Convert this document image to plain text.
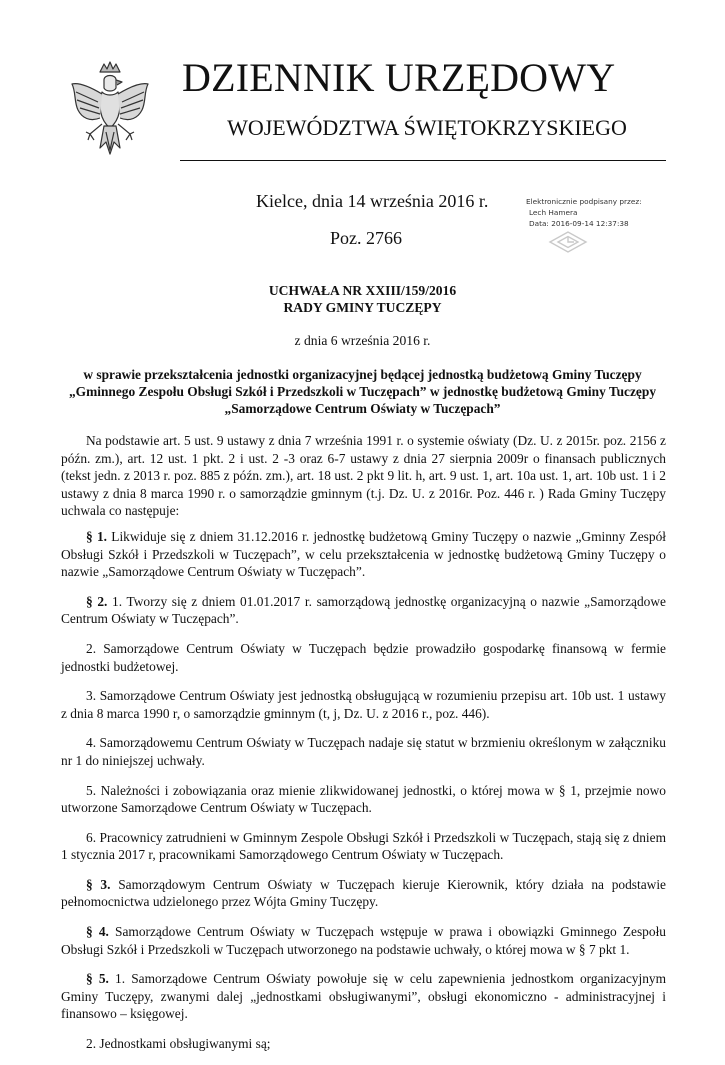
DZIENNIK URZĘDOWY
WOJEWÓDZTWA ŚWIĘTOKRZYSKIEGO
Kielce, dnia 14 września 2016 r.
Poz. 2766
Elektronicznie podpisany przez:
Lech Hamera
Data: 2016-09-14 12:37:38
UCHWAŁA NR XXIII/159/2016
RADY GMINY TUCZĘPY
z dnia 6 września 2016 r.
w sprawie przekształcenia jednostki organizacyjnej będącej jednostką budżetową Gminy Tuczępy
„Gminnego Zespołu Obsługi Szkół i Przedszkoli w Tuczępach” w jednostkę budżetową Gminy Tuczępy
„Samorządowe Centrum Oświaty w Tuczępach”

Na podstawie art. 5 ust. 9 ustawy z dnia 7 września 1991 r. o systemie oświaty (Dz. U. z 2015r. poz. 2156 z późn. zm.), art. 12 ust. 1 pkt. 2 i ust. 2 -3 oraz 6-7 ustawy z dnia 27 sierpnia 2009r o finansach publicznych (tekst jedn. z 2013 r. poz. 885 z późn. zm.), art. 18 ust. 2 pkt 9 lit. h, art. 9 ust. 1, art. 10a ust. 1, art. 10b ust. 1 i 2 ustawy z dnia 8 marca 1990 r. o samorządzie gminnym (t.j. Dz. U. z 2016r. Poz. 446 r. ) Rada Gminy Tuczępy uchwala co następuje:

§ 1. Likwiduje się z dniem 31.12.2016 r. jednostkę budżetową Gminy Tuczępy o nazwie „Gminny Zespół Obsługi Szkół i Przedszkoli w Tuczępach”, w celu przekształcenia w jednostkę budżetową Gminy Tuczępy o nazwie „Samorządowe Centrum Oświaty w Tuczępach”.

§ 2. 1. Tworzy się z dniem 01.01.2017 r. samorządową jednostkę organizacyjną o nazwie „Samorządowe Centrum Oświaty w Tuczępach”.

2. Samorządowe Centrum Oświaty w Tuczępach będzie prowadziło gospodarkę finansową w fermie jednostki budżetowej.

3. Samorządowe Centrum Oświaty jest jednostką obsługującą w rozumieniu przepisu art. 10b ust. 1 ustawy z dnia 8 marca 1990 r, o samorządzie gminnym (t, j, Dz. U. z 2016 r., poz. 446).

4. Samorządowemu Centrum Oświaty w Tuczępach nadaje się statut w brzmieniu określonym w załączniku nr 1 do niniejszej uchwały.

5. Należności i zobowiązania oraz mienie zlikwidowanej jednostki, o której mowa w § 1, przejmie nowo utworzone Samorządowe Centrum Oświaty w Tuczępach.

6. Pracownicy zatrudnieni w Gminnym Zespole Obsługi Szkół i Przedszkoli w Tuczępach, stają się z dniem 1 stycznia 2017 r, pracownikami Samorządowego Centrum Oświaty w Tuczępach.

§ 3. Samorządowym Centrum Oświaty w Tuczępach kieruje Kierownik, który działa na podstawie pełnomocnictwa udzielonego przez Wójta Gminy Tuczępy.

§ 4. Samorządowe Centrum Oświaty w Tuczępach wstępuje w prawa i obowiązki Gminnego Zespołu Obsługi Szkół i Przedszkoli w Tuczępach utworzonego na podstawie uchwały, o której mowa w § 7 pkt 1.

§ 5. 1. Samorządowe Centrum Oświaty powołuje się w celu zapewnienia jednostkom organizacyjnym Gminy Tuczępy, zwanymi dalej „jednostkami obsługiwanymi”, obsługi ekonomiczno - administracyjnej i finansowo – księgowej.

2. Jednostkami obsługiwanymi są;
